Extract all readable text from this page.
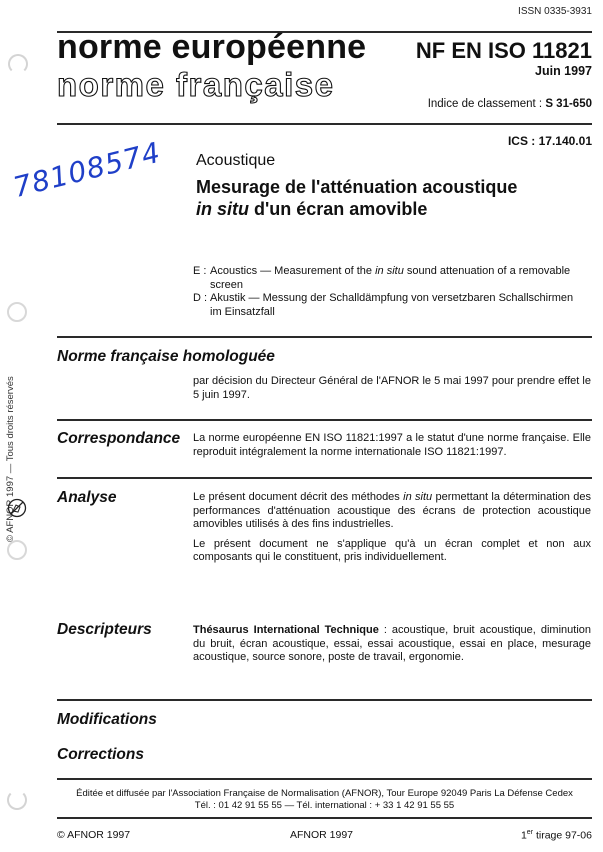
ISSN 0335-3931
norme européenne
norme française
NF EN ISO 11821
Juin 1997
Indice de classement : S 31-650
ICS : 17.140.01
78108574 Acoustique
Mesurage de l'atténuation acoustique
in situ d'un écran amovible
E : Acoustics — Measurement of the in situ sound attenuation of a removable screen
D : Akustik — Messung der Schalldämpfung von versetzbaren Schallschirmen im Einsatzfall
Norme française homologuée
par décision du Directeur Général de l'AFNOR le 5 mai 1997 pour prendre effet le 5 juin 1997.
Correspondance La norme européenne EN ISO 11821:1997 a le statut d'une norme française. Elle reproduit intégralement la norme internationale ISO 11821:1997.
Analyse	Le présent document décrit des méthodes in situ permettant la détermination des performances d'atténuation acoustique des écrans de protection acoustique amovibles utilisés à des fins industrielles.

Le présent document ne s'applique qu'à un écran complet et non aux composants qui le constituent, pris individuellement.

Descripteurs	Thésaurus International Technique : acoustique, bruit acoustique, diminution du bruit, écran acoustique, essai, essai acoustique, essai en place, mesurage acoustique, source sonore, poste de travail, ergonomie.
Modifications
Corrections
© AFNOR 1997 — Tous droits réservés
Éditée et diffusée par l'Association Française de Normalisation (AFNOR), Tour Europe 92049 Paris La Défense Cedex
Tél. : 01 42 91 55 55 — Tél. international : + 33 1 42 91 55 55
© AFNOR 1997	AFNOR 1997	1er tirage 97-06
